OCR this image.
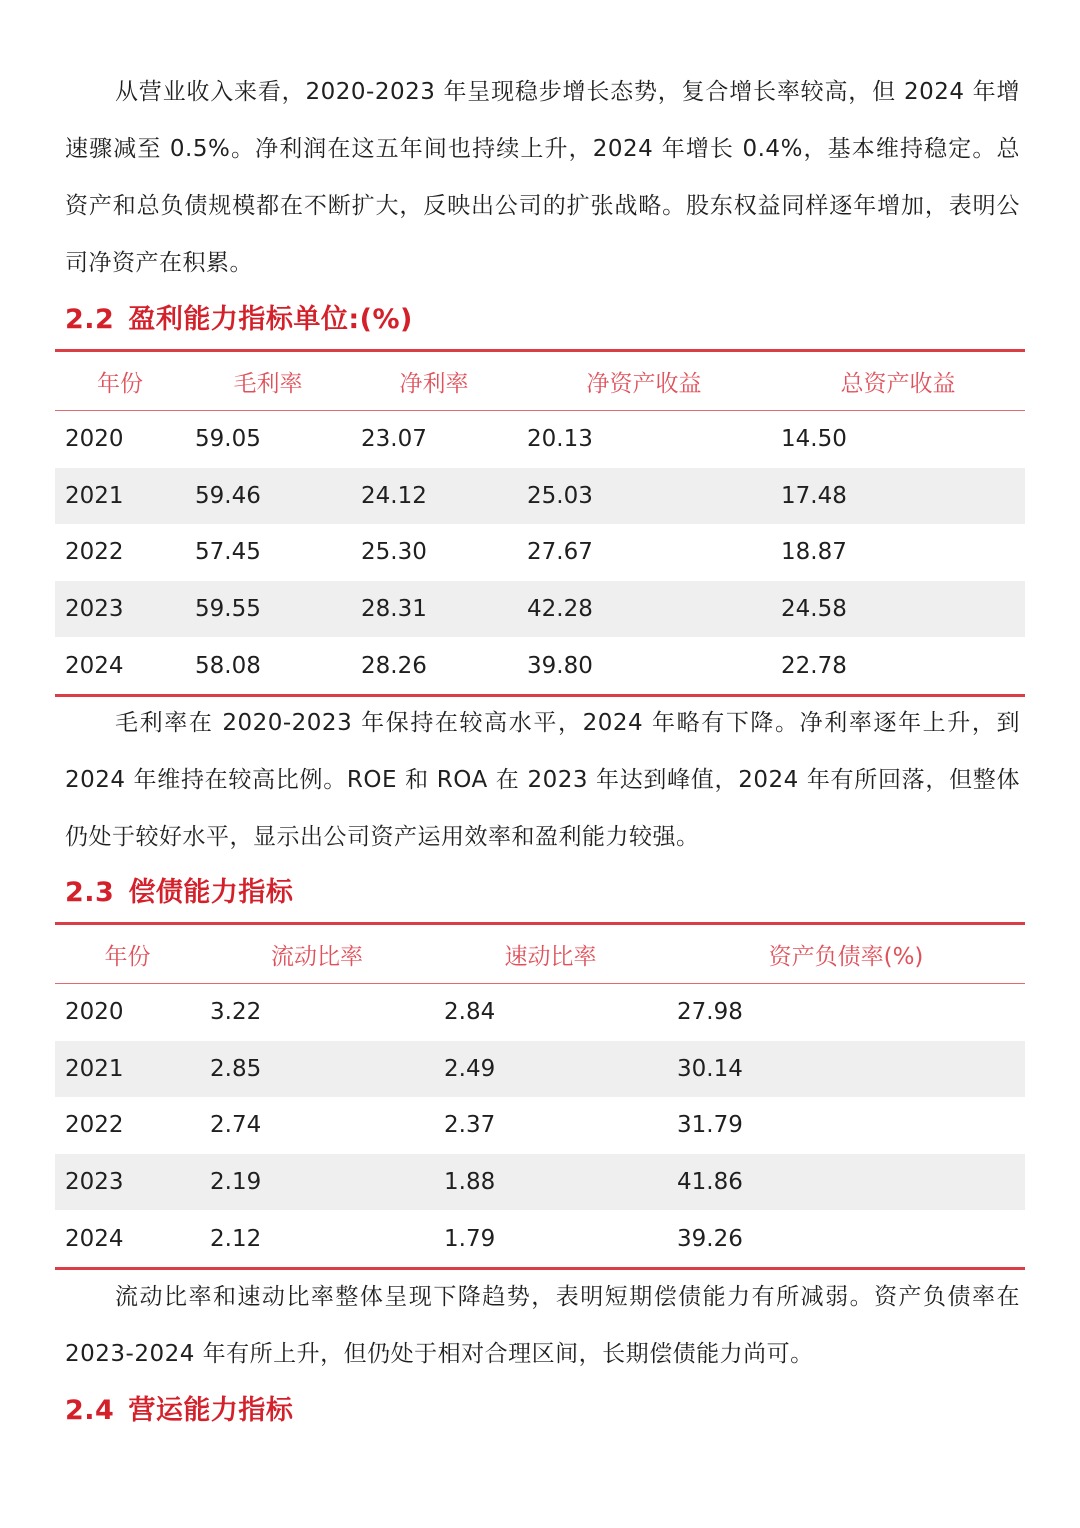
从营业收入来看，2020-2023 年呈现稳步增长态势，复合增长率较高，但 2024 年增速骤减至 0.5%。净利润在这五年间也持续上升，2024 年增长 0.4%，基本维持稳定。总资产和总负债规模都在不断扩大，反映出公司的扩张战略。股东权益同样逐年增加，表明公司净资产在积累。

2.2 盈利能力指标单位:(%)
年份	毛利率	净利率	净资产收益	总资产收益
2020	59.05	23.07	20.13	14.50
2021	59.46	24.12	25.03	17.48
2022	57.45	25.30	27.67	18.87
2023	59.55	28.31	42.28	24.58
2024	58.08	28.26	39.80	22.78

毛利率在 2020-2023 年保持在较高水平，2024 年略有下降。净利率逐年上升，到 2024 年维持在较高比例。ROE 和 ROA 在 2023 年达到峰值，2024 年有所回落，但整体仍处于较好水平，显示出公司资产运用效率和盈利能力较强。

2.3 偿债能力指标
年份	流动比率	速动比率	资产负债率(%)
2020	3.22	2.84	27.98
2021	2.85	2.49	30.14
2022	2.74	2.37	31.79
2023	2.19	1.88	41.86
2024	2.12	1.79	39.26

流动比率和速动比率整体呈现下降趋势，表明短期偿债能力有所减弱。资产负债率在 2023-2024 年有所上升，但仍处于相对合理区间，长期偿债能力尚可。

2.4 营运能力指标
